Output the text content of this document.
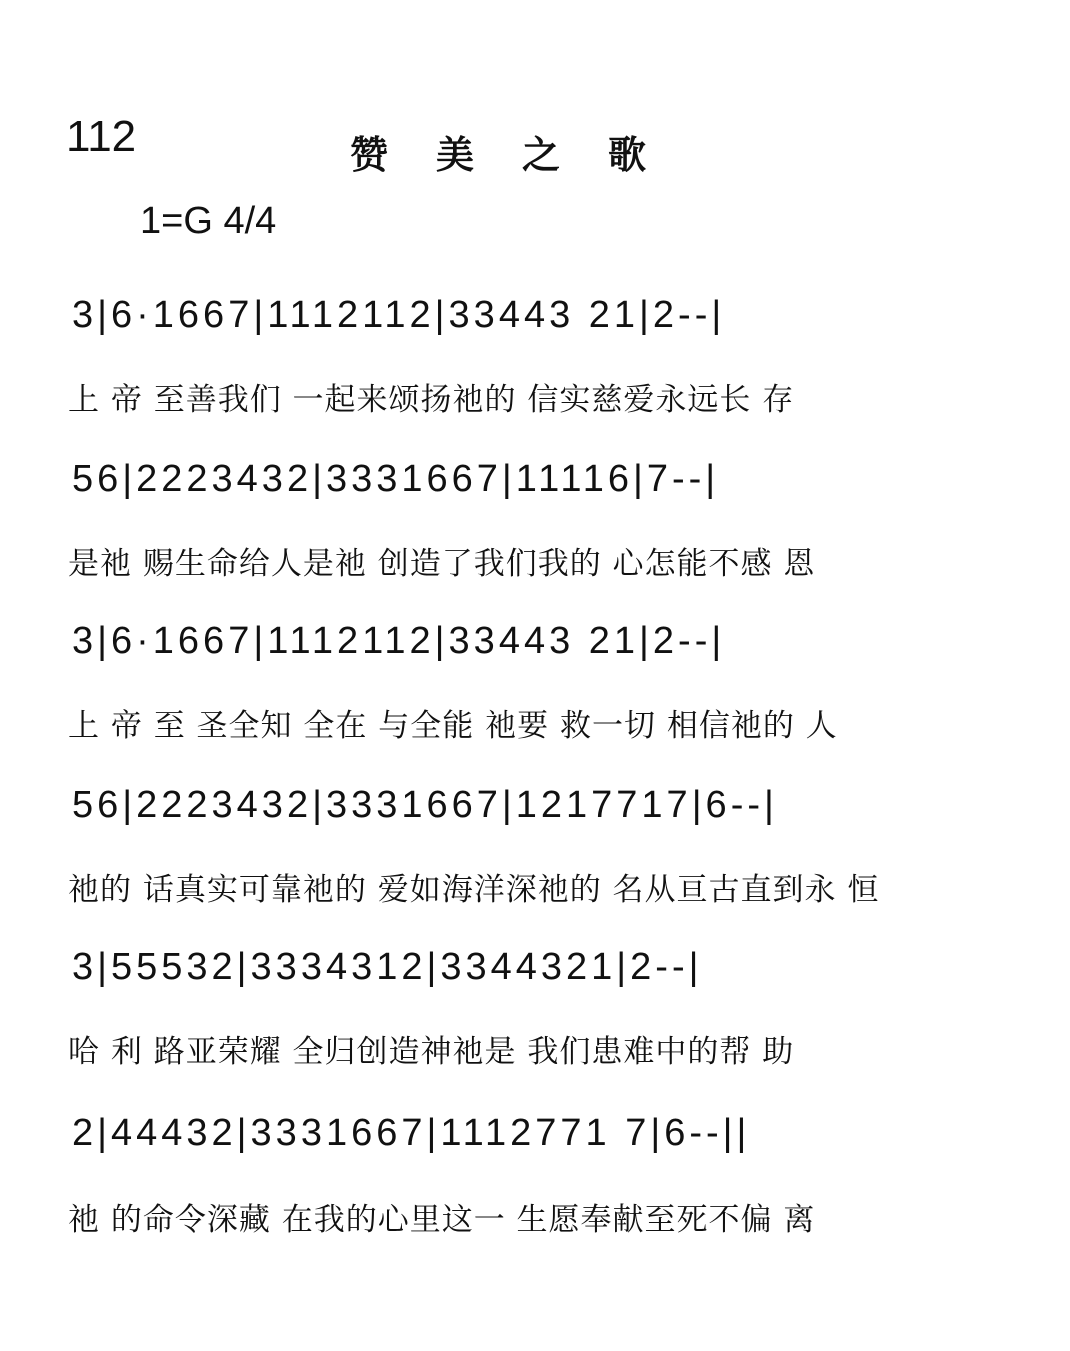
112	赞美之歌
1=G 4/4
3|6·1667|1112112|33443 21|2--|
上 帝 至善我们 一起来颂扬祂的 信实慈爱永远长 存
56|2223432|3331667|11116|7--|
是祂 赐生命给人是祂 创造了我们我的 心怎能不感 恩
3|6·1667|1112112|33443 21|2--|
上 帝 至 圣全知 全在 与全能 祂要 救一切 相信祂的 人
56|2223432|3331667|1217717|6--|
祂的 话真实可靠祂的 爱如海洋深祂的 名从亘古直到永 恒
3|55532|3334312|3344321|2--|
哈 利 路亚荣耀 全归创造神祂是 我们患难中的帮 助
2|44432|3331667|1112771 7|6--||
祂 的命令深藏 在我的心里这一 生愿奉献至死不偏 离
